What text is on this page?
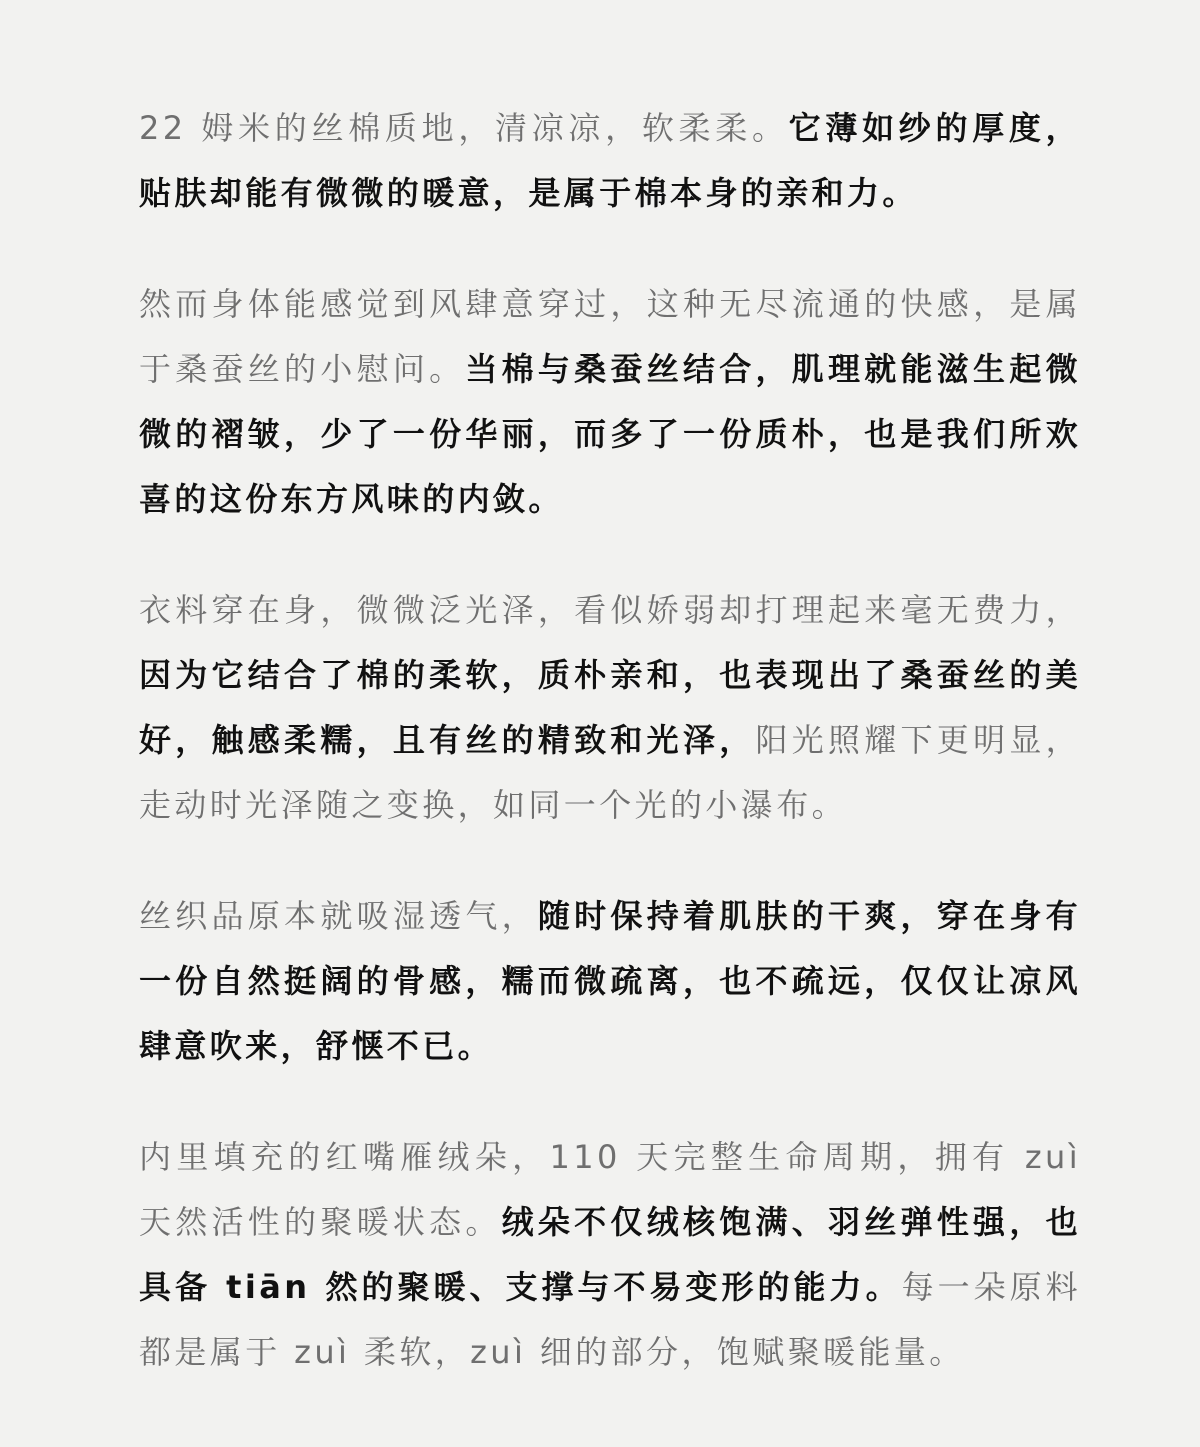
22 姆米的丝棉质地，清凉凉，软柔柔。它薄如纱的厚度，贴肤却能有微微的暖意，是属于棉本身的亲和力。

然而身体能感觉到风肆意穿过，这种无尽流通的快感，是属于桑蚕丝的小慰问。当棉与桑蚕丝结合，肌理就能滋生起微微的褶皱，少了一份华丽，而多了一份质朴，也是我们所欢喜的这份东方风味的内敛。

衣料穿在身，微微泛光泽，看似娇弱却打理起来毫无费力，因为它结合了棉的柔软，质朴亲和，也表现出了桑蚕丝的美好，触感柔糯，且有丝的精致和光泽，阳光照耀下更明显，走动时光泽随之变换，如同一个光的小瀑布。

丝织品原本就吸湿透气，随时保持着肌肤的干爽，穿在身有一份自然挺阔的骨感，糯而微疏离，也不疏远，仅仅让凉风肆意吹来，舒惬不已。

内里填充的红嘴雁绒朵，110 天完整生命周期，拥有 zuì 天然活性的聚暖状态。绒朵不仅绒核饱满、羽丝弹性强，也具备 tiān 然的聚暖、支撑与不易变形的能力。每一朵原料都是属于 zuì 柔软，zuì 细的部分，饱赋聚暖能量。
